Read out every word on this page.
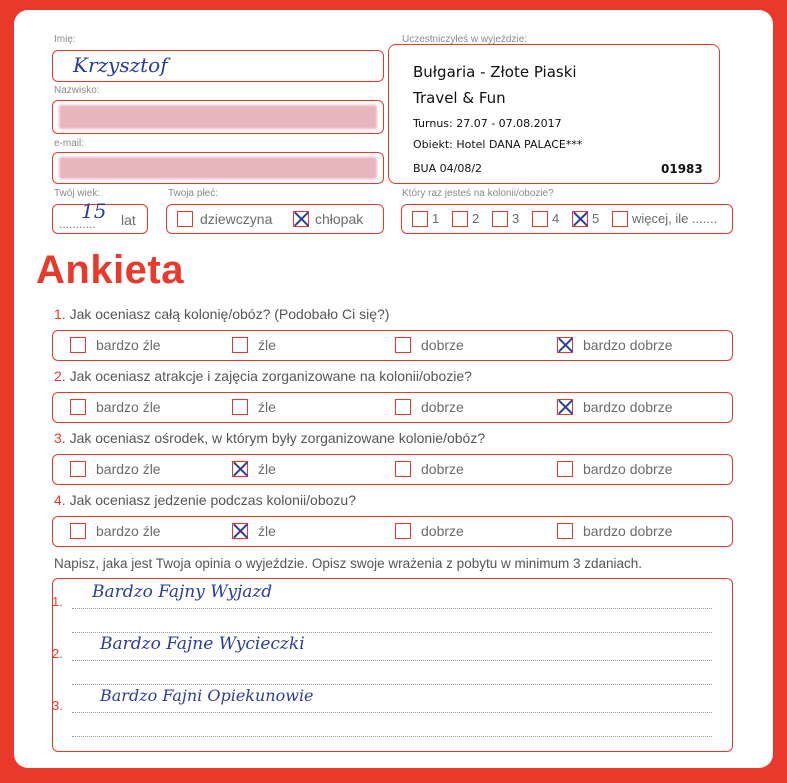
Imię:
Krzysztof
Nazwisko:
e-mail:
Twój wiek:
...........
15 lat
Twoja płeć:
dziewczyna	chłopak
Uczestniczyłeś w wyjeździe:
Bułgaria - Złote Piaski
Travel & Fun
Turnus: 27.07 - 07.08.2017
Obiekt: Hotel DANA PALACE***
BUA 04/08/2	01983
Który raz jesteś na kolonii/obozie?
1	2	3	4	5	więcej, ile .......
Ankieta
1. Jak oceniasz całą kolonię/obóz? (Podobało Ci się?)
bardzo źle	źle	dobrze	bardzo dobrze
2. Jak oceniasz atrakcje i zajęcia zorganizowane na kolonii/obozie?
bardzo źle	źle	dobrze	bardzo dobrze
3. Jak oceniasz ośrodek, w którym były zorganizowane kolonie/obóz?
bardzo źle	źle	dobrze	bardzo dobrze
4. Jak oceniasz jedzenie podczas kolonii/obozu?
bardzo źle	źle	dobrze	bardzo dobrze
Napisz, jaka jest Twoja opinia o wyjeździe. Opisz swoje wrażenia z pobytu w minimum 3 zdaniach.
1. Bardzo Fajny Wyjazd
2. Bardzo Fajne Wycieczki
3.
Bardzo Fajni Opiekunowie
